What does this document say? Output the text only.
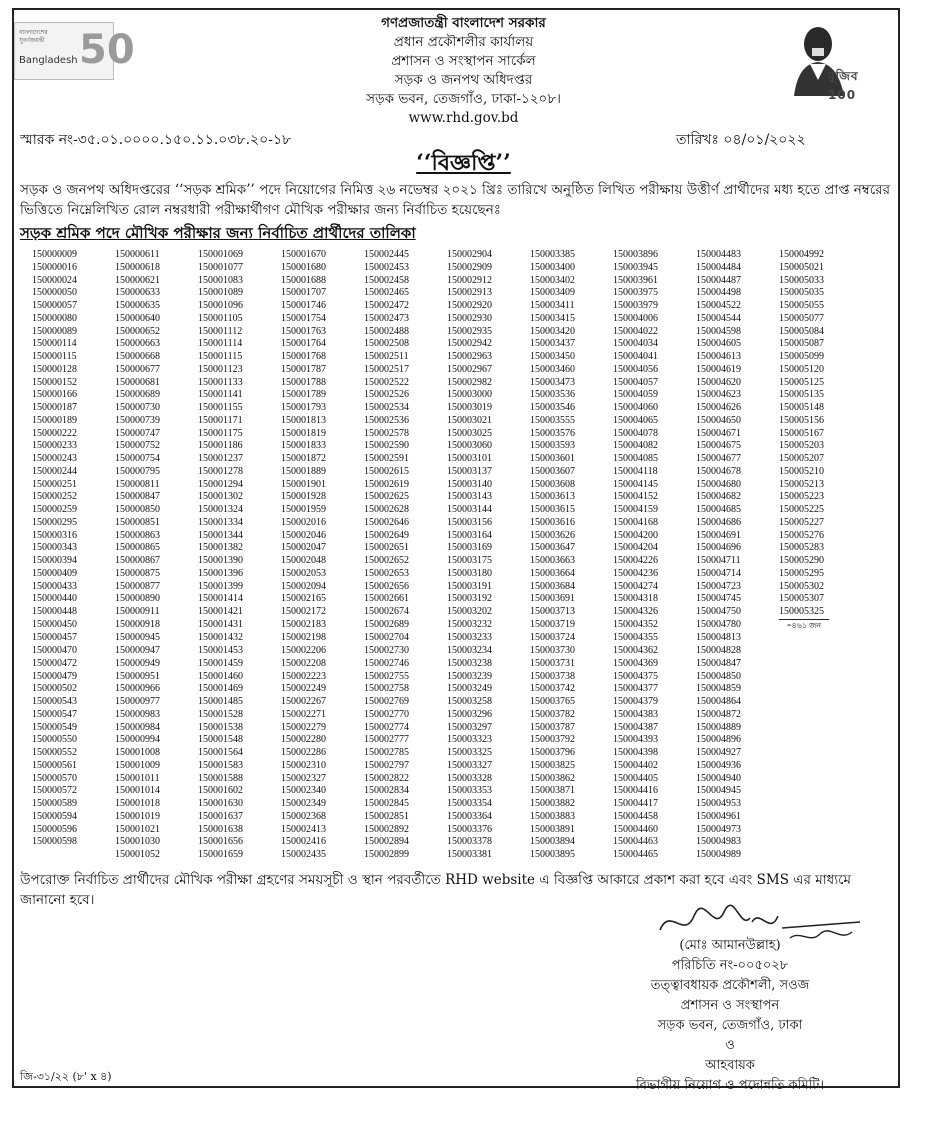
বাংলাদেশের
সুবর্ণজয়ন্তী
Bangladesh 50
মুজিব 100
গণপ্রজাতন্ত্রী বাংলাদেশ সরকার
প্রধান প্রকৌশলীর কার্যালয়
প্রশাসন ও সংস্থাপন সার্কেল
সড়ক ও জনপথ অধিদপ্তর
সড়ক ভবন, তেজগাঁও, ঢাকা-১২০৮।
www.rhd.gov.bd
স্মারক নং-৩৫.০১.০০০০.১৫০.১১.০৩৮.২০-১৮	তারিখঃ ০৪/০১/২০২২
‘‘বিজ্ঞপ্তি’’
সড়ক ও জনপথ অধিদপ্তরের ‘‘সড়ক শ্রমিক’’ পদে নিয়োগের নিমিত্ত ২৬ নভেম্বর ২০২১ খ্রিঃ তারিখে অনুষ্ঠিত লিখিত পরীক্ষায় উত্তীর্ণ প্রার্থীদের মধ্য হতে প্রাপ্ত নম্বরের ভিত্তিতে নিম্নেলিখিত রোল নম্বরধারী পরীক্ষার্থীগণ মৌখিক পরীক্ষার জন্য নির্বাচিত হয়েছেনঃ
সড়ক শ্রমিক পদে মৌখিক পরীক্ষার জন্য নির্বাচিত প্রার্থীদের তালিকা
150000009	150000611	150001069	150001670	150002445	150002904	150003385	150003896	150004483	150004992
150000016	150000618	150001077	150001680	150002453	150002909	150003400	150003945	150004484	150005021
150000024	150000621	150001083	150001688	150002458	150002912	150003402	150003961	150004487	150005033
150000050	150000633	150001089	150001707	150002465	150002913	150003409	150003975	150004498	150005035
150000057	150000635	150001096	150001746	150002472	150002920	150003411	150003979	150004522	150005055
150000080	150000640	150001105	150001754	150002473	150002930	150003415	150004006	150004544	150005077
150000089	150000652	150001112	150001763	150002488	150002935	150003420	150004022	150004598	150005084
150000114	150000663	150001114	150001764	150002508	150002942	150003437	150004034	150004605	150005087
150000115	150000668	150001115	150001768	150002511	150002963	150003450	150004041	150004613	150005099
150000128	150000677	150001123	150001787	150002517	150002967	150003460	150004056	150004619	150005120
150000152	150000681	150001133	150001788	150002522	150002982	150003473	150004057	150004620	150005125
150000166	150000689	150001141	150001789	150002526	150003000	150003536	150004059	150004623	150005135
150000187	150000730	150001155	150001793	150002534	150003019	150003546	150004060	150004626	150005148
150000189	150000739	150001171	150001813	150002536	150003021	150003555	150004065	150004650	150005156
150000222	150000747	150001175	150001819	150002578	150003025	150003576	150004078	150004671	150005167
150000233	150000752	150001186	150001833	150002590	150003060	150003593	150004082	150004675	150005203
150000243	150000754	150001237	150001872	150002591	150003101	150003601	150004085	150004677	150005207
150000244	150000795	150001278	150001889	150002615	150003137	150003607	150004118	150004678	150005210
150000251	150000811	150001294	150001901	150002619	150003140	150003608	150004145	150004680	150005213
150000252	150000847	150001302	150001928	150002625	150003143	150003613	150004152	150004682	150005223
150000259	150000850	150001324	150001959	150002628	150003144	150003615	150004159	150004685	150005225
150000295	150000851	150001334	150002016	150002646	150003156	150003616	150004168	150004686	150005227
150000316	150000863	150001344	150002046	150002649	150003164	150003626	150004200	150004691	150005276
150000343	150000865	150001382	150002047	150002651	150003169	150003647	150004204	150004696	150005283
150000394	150000867	150001390	150002048	150002652	150003175	150003663	150004226	150004711	150005290
150000409	150000875	150001396	150002053	150002653	150003180	150003664	150004236	150004714	150005295
150000433	150000877	150001399	150002094	150002656	150003191	150003684	150004274	150004723	150005302
150000440	150000890	150001414	150002165	150002661	150003192	150003691	150004318	150004745	150005307
150000448	150000911	150001421	150002172	150002674	150003202	150003713	150004326	150004750	150005325
150000450	150000918	150001431	150002183	150002689	150003232	150003719	150004352	150004780	=৪৬১ জন
150000457	150000945	150001432	150002198	150002704	150003233	150003724	150004355	150004813	
150000470	150000947	150001453	150002206	150002730	150003234	150003730	150004362	150004828	
150000472	150000949	150001459	150002208	150002746	150003238	150003731	150004369	150004847	
150000479	150000951	150001460	150002223	150002755	150003239	150003738	150004375	150004850	
150000502	150000966	150001469	150002249	150002758	150003249	150003742	150004377	150004859	
150000543	150000977	150001485	150002267	150002769	150003258	150003765	150004379	150004864	
150000547	150000983	150001528	150002271	150002770	150003296	150003782	150004383	150004872	
150000549	150000984	150001538	150002279	150002774	150003297	150003787	150004387	150004889	
150000550	150000994	150001548	150002280	150002777	150003323	150003792	150004393	150004896	
150000552	150001008	150001564	150002286	150002785	150003325	150003796	150004398	150004927	
150000561	150001009	150001583	150002310	150002797	150003327	150003825	150004402	150004936	
150000570	150001011	150001588	150002327	150002822	150003328	150003862	150004405	150004940	
150000572	150001014	150001602	150002340	150002834	150003353	150003871	150004416	150004945	
150000589	150001018	150001630	150002349	150002845	150003354	150003882	150004417	150004953	
150000594	150001019	150001637	150002368	150002851	150003364	150003883	150004458	150004961	
150000596	150001021	150001638	150002413	150002892	150003376	150003891	150004460	150004973	
150000598	150001030	150001656	150002416	150002894	150003378	150003894	150004463	150004983	
	150001052	150001659	150002435	150002899	150003381	150003895	150004465	150004989	
উপরোক্ত নির্বাচিত প্রার্থীদের মৌখিক পরীক্ষা গ্রহণের সময়সূচী ও স্থান পরবর্তীতে RHD website এ বিজ্ঞপ্তি আকারে প্রকাশ করা হবে এবং SMS এর মাধ্যমে জানানো হবে।
(মোঃ আমানউল্লাহ)
পরিচিতি নং-০০৫০২৮
তত্ত্বাবধায়ক প্রকৌশলী, সওজ
প্রশাসন ও সংস্থাপন
সড়ক ভবন, তেজগাঁও, ঢাকা
ও
আহবায়ক
বিভাগীয় নিয়োগ ও পদোন্নতি কমিটি।
জি-৩১/২২ (৮' x ৪)
